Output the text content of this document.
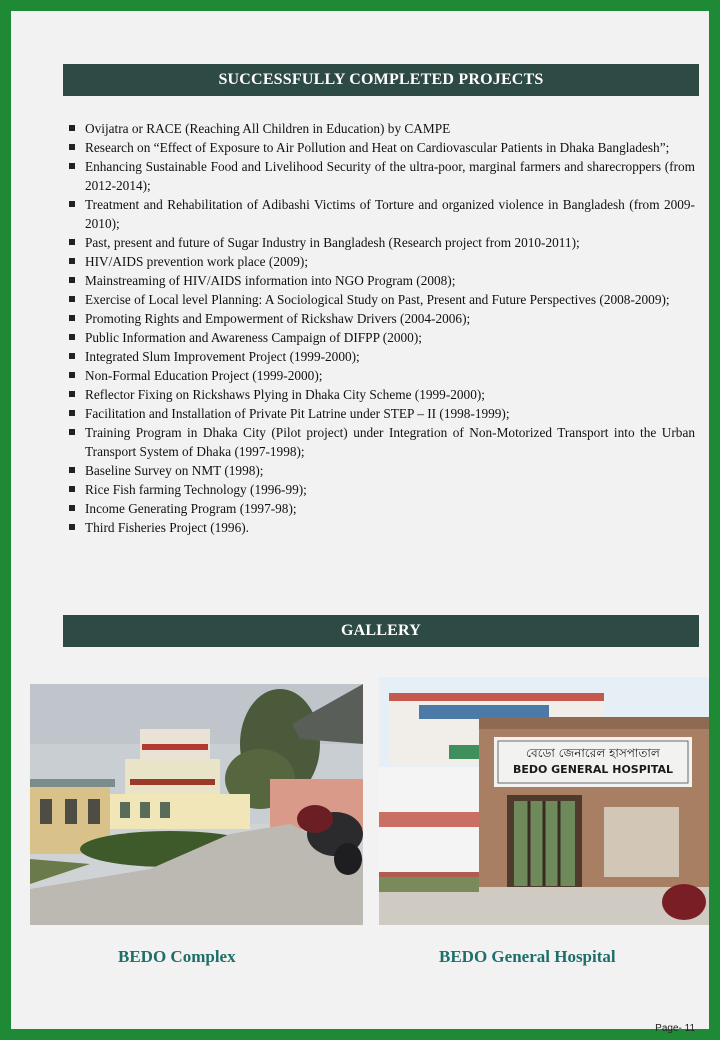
SUCCESSFULLY COMPLETED PROJECTS
Ovijatra or RACE (Reaching All Children in Education) by CAMPE
Research on “Effect of Exposure to Air Pollution and Heat on Cardiovascular Patients in Dhaka Bangladesh”;
Enhancing Sustainable Food and Livelihood Security of the ultra-poor, marginal farmers and sharecroppers (from 2012-2014);
Treatment and Rehabilitation of Adibashi Victims of Torture and organized violence in Bangladesh (from 2009-2010);
Past, present and future of Sugar Industry in Bangladesh (Research project from 2010-2011);
HIV/AIDS prevention work place (2009);
Mainstreaming of HIV/AIDS information into NGO Program (2008);
Exercise of Local level Planning: A Sociological Study on Past, Present and Future Perspectives (2008-2009);
Promoting Rights and Empowerment of Rickshaw Drivers (2004-2006);
Public Information and Awareness Campaign of DIFPP (2000);
Integrated Slum Improvement Project (1999-2000);
Non-Formal Education Project (1999-2000);
Reflector Fixing on Rickshaws Plying in Dhaka City Scheme (1999-2000);
Facilitation and Installation of Private Pit Latrine under STEP – II (1998-1999);
Training Program in Dhaka City (Pilot project) under Integration of Non-Motorized Transport into the Urban Transport System of Dhaka (1997-1998);
Baseline Survey on NMT (1998);
Rice Fish farming Technology (1996-99);
Income Generating Program (1997-98);
Third Fisheries Project (1996).
GALLERY
বেডো জেনারেল হাসপাতাল
BEDO GENERAL HOSPITAL
BEDO Complex	BEDO General Hospital
Page- 11
